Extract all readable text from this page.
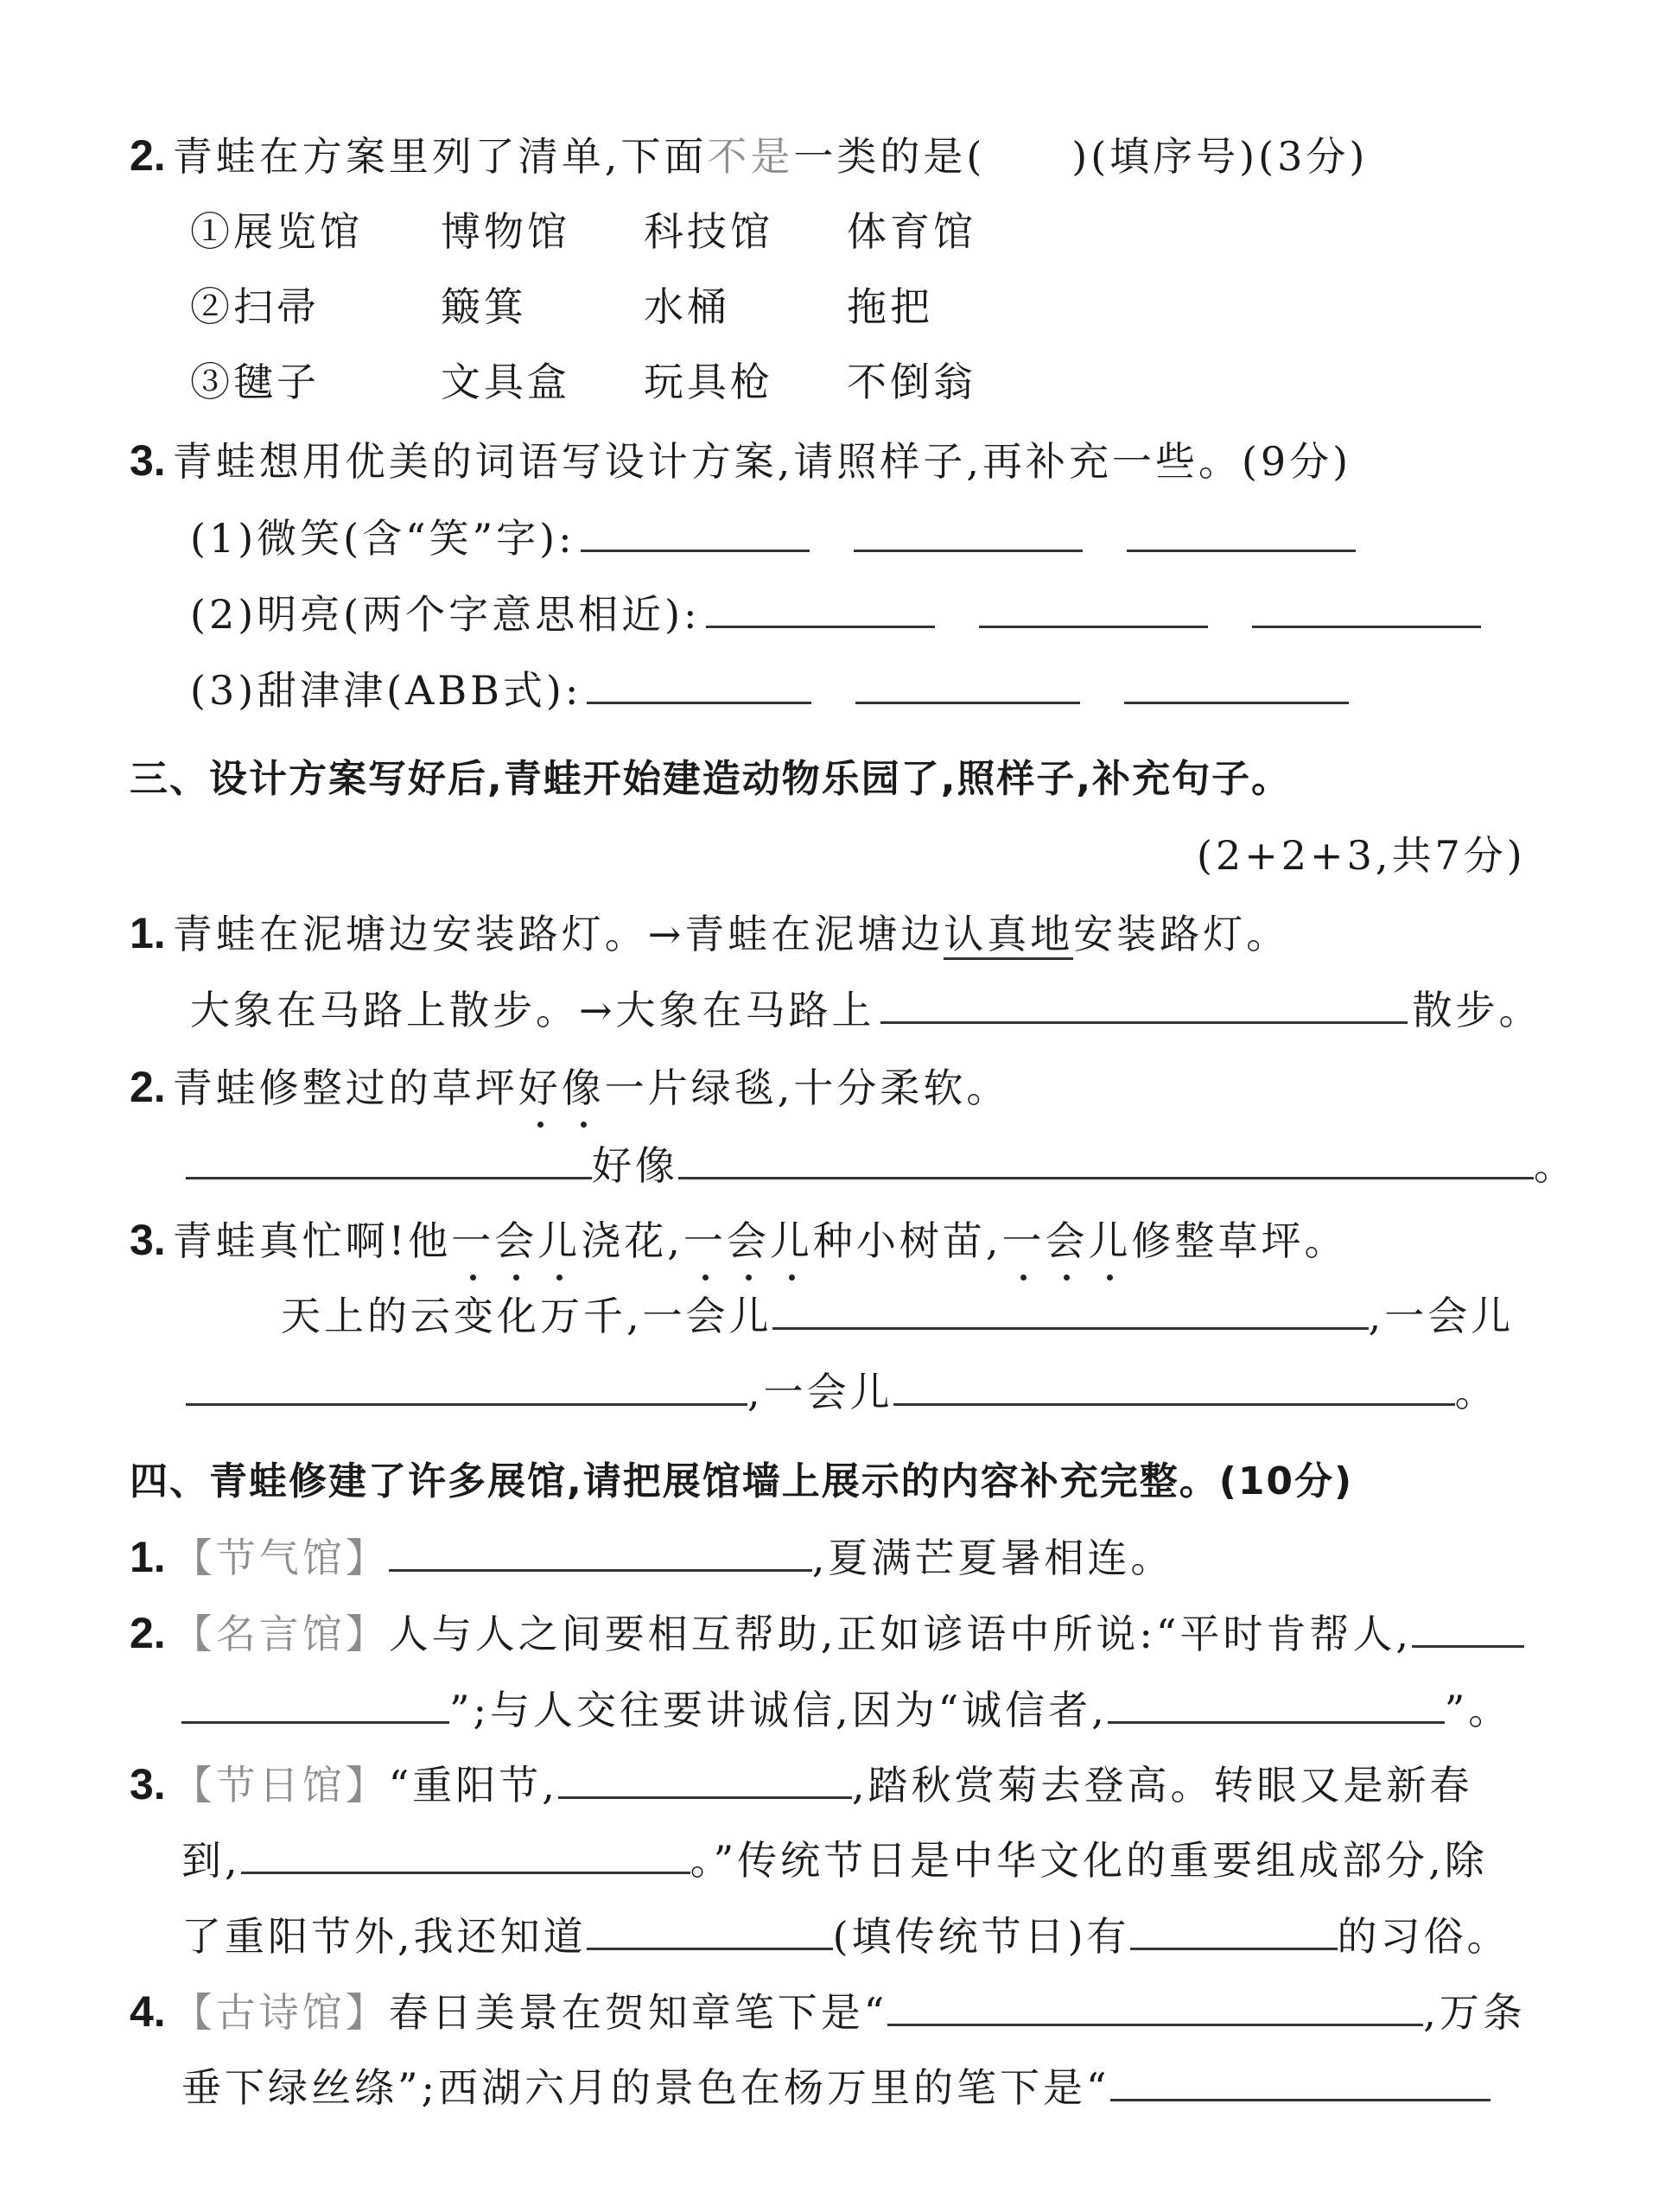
2. 青蛙在方案里列了清单,下面不是一类的是( )(填序号)(3分)
①展览馆 博物馆 科技馆 体育馆
②扫帚	簸箕	水桶	拖把
③毽子	文具盒 玩具枪 不倒翁
3. 青蛙想用优美的词语写设计方案,请照样子,再补充一些。(9分)
(1)微笑(含“笑”字):
(2)明亮(两个字意思相近):
(3)甜津津(ABB式):
三、设计方案写好后,青蛙开始建造动物乐园了,照样子,补充句子。
(2+2+3,共7分)
1. 青蛙在泥塘边安装路灯。→青蛙在泥塘边认真地安装路灯。
大象在马路上散步。→大象在马路上	散步。
2. 青蛙修整过的草坪好像一片绿毯,十分柔软。
好像	。
3. 青蛙真忙啊!他一会儿浇花,一会儿种小树苗,一会儿修整草坪。
天上的云变化万千,一会儿	,一会儿
,一会儿	。
四、青蛙修建了许多展馆,请把展馆墙上展示的内容补充完整。(10分)
1. 【节气馆】	,夏满芒夏暑相连。
2. 【名言馆】人与人之间要相互帮助,正如谚语中所说:“平时肯帮人,
”;与人交往要讲诚信,因为“诚信者,	”。
3. 【节日馆】“重阳节,	,踏秋赏菊去登高。转眼又是新春
到,	。”传统节日是中华文化的重要组成部分,除
了重阳节外,我还知道	(填传统节日)有	的习俗。
4. 【古诗馆】春日美景在贺知章笔下是“	,万条
垂下绿丝绦”;西湖六月的景色在杨万里的笔下是“
